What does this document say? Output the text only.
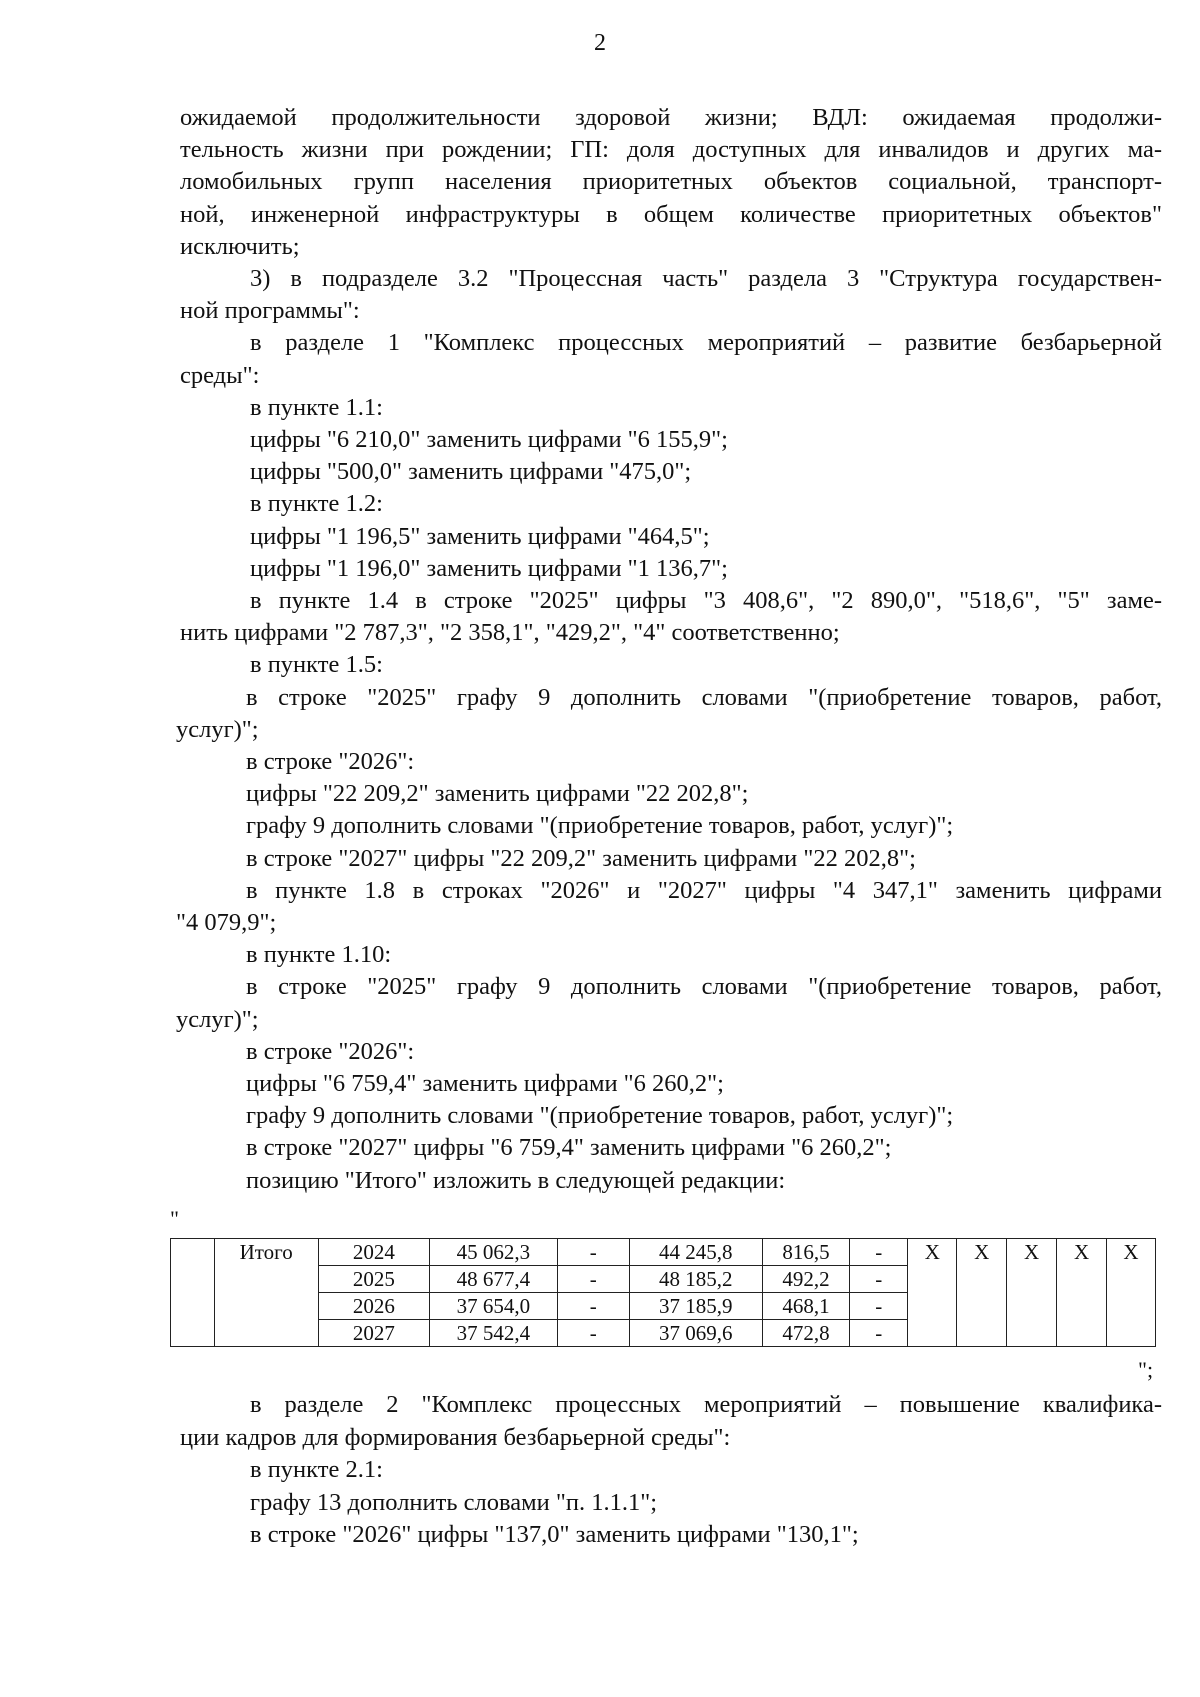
2
ожидаемой продолжительности здоровой жизни; ВДЛ: ожидаемая продолжи-
тельность жизни при рождении; ГП: доля доступных для инвалидов и других ма-
ломобильных групп населения приоритетных объектов социальной, транспорт-
ной, инженерной инфраструктуры в общем количестве приоритетных объектов"
исключить;
3) в подразделе 3.2 "Процессная часть" раздела 3 "Структура государствен-
ной программы":
в разделе 1 "Комплекс процессных мероприятий – развитие безбарьерной
среды":
в пункте 1.1:
цифры "6 210,0" заменить цифрами "6 155,9";
цифры "500,0" заменить цифрами "475,0";
в пункте 1.2:
цифры "1 196,5" заменить цифрами "464,5";
цифры "1 196,0" заменить цифрами "1 136,7";
в пункте 1.4 в строке "2025" цифры "3 408,6", "2 890,0", "518,6", "5" заме-
нить цифрами "2 787,3", "2 358,1", "429,2", "4" соответственно;
в пункте 1.5:
в строке "2025" графу 9 дополнить словами "(приобретение товаров, работ,
услуг)";
в строке "2026":
цифры "22 209,2" заменить цифрами "22 202,8";
графу 9 дополнить словами "(приобретение товаров, работ, услуг)";
в строке "2027" цифры "22 209,2" заменить цифрами "22 202,8";
в пункте 1.8 в строках "2026" и "2027" цифры "4 347,1" заменить цифрами
"4 079,9";
в пункте 1.10:
в строке "2025" графу 9 дополнить словами "(приобретение товаров, работ,
услуг)";
в строке "2026":
цифры "6 759,4" заменить цифрами "6 260,2";
графу 9 дополнить словами "(приобретение товаров, работ, услуг)";
в строке "2027" цифры "6 759,4" заменить цифрами "6 260,2";
позицию "Итого" изложить в следующей редакции:
в разделе 2 "Комплекс процессных мероприятий – повышение квалифика-
ции кадров для формирования безбарьерной среды":
в пункте 2.1:
графу 13 дополнить словами "п. 1.1.1";
в строке "2026" цифры "137,0" заменить цифрами "130,1";
"
	Итого	2024	45 062,3	-	44 245,8	816,5	-	Х	Х	Х	Х	Х
		2025	48 677,4	-	48 185,2	492,2	-					
		2026	37 654,0	-	37 185,9	468,1	-					
		2027	37 542,4	-	37 069,6	472,8	-					
";
